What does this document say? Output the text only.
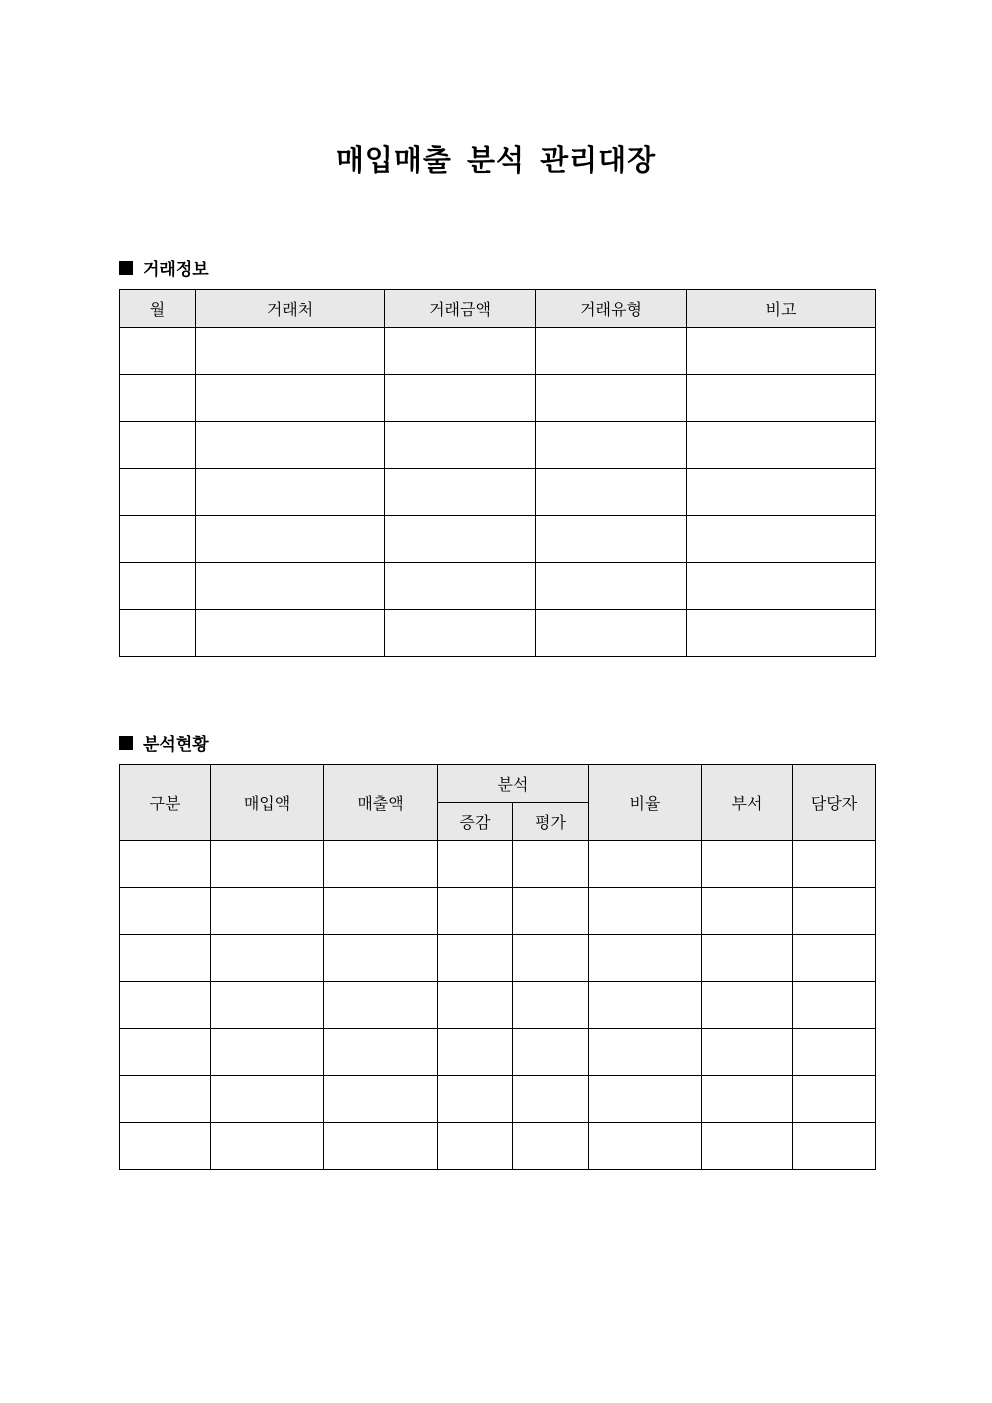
매입매출 분석 관리대장
거래정보
월	거래처	거래금액	거래유형	비고

분석현황
구분	매입액	매출액	분석		비율	부서	담당자
			증감	평가			
